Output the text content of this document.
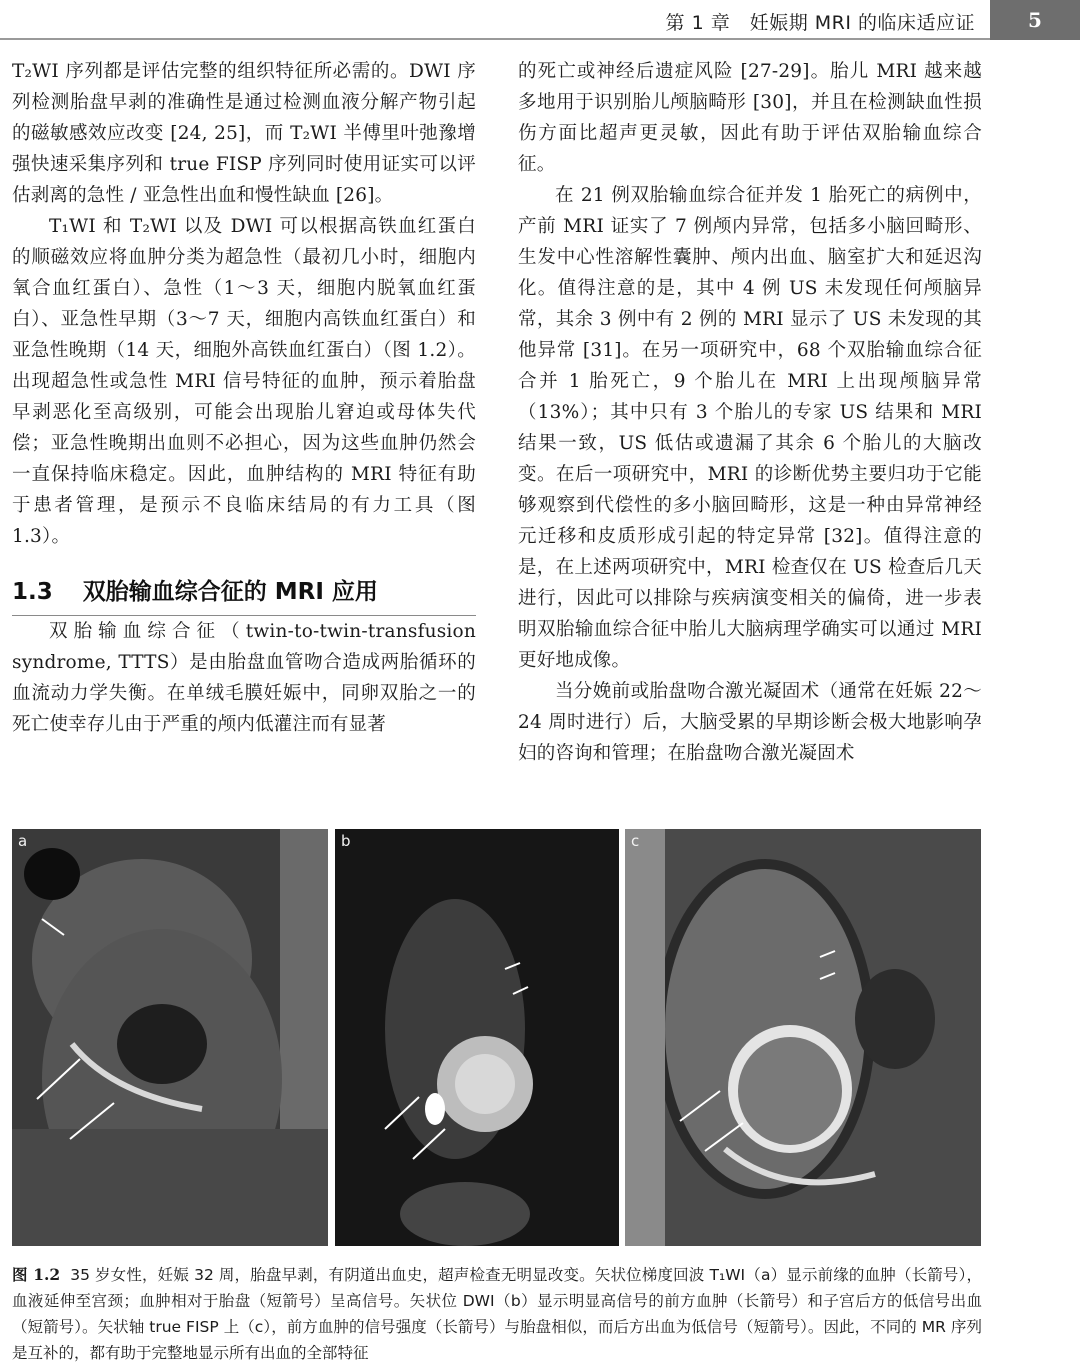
第 1 章　妊娠期 MRI 的临床适应证	5

T₂WI 序列都是评估完整的组织特征所必需的。DWI 序列检测胎盘早剥的准确性是通过检测血液分解产物引起的磁敏感效应改变 [24, 25]，而 T₂WI 半傅里叶弛豫增强快速采集序列和 true FISP 序列同时使用证实可以评估剥离的急性 / 亚急性出血和慢性缺血 [26]。

T₁WI 和 T₂WI 以及 DWI 可以根据高铁血红蛋白的顺磁效应将血肿分类为超急性（最初几小时，细胞内氧合血红蛋白）、急性（1～3 天，细胞内脱氧血红蛋白）、亚急性早期（3～7 天，细胞内高铁血红蛋白）和亚急性晚期（14 天，细胞外高铁血红蛋白）（图 1.2）。出现超急性或急性 MRI 信号特征的血肿，预示着胎盘早剥恶化至高级别，可能会出现胎儿窘迫或母体失代偿；亚急性晚期出血则不必担心，因为这些血肿仍然会一直保持临床稳定。因此，血肿结构的 MRI 特征有助于患者管理，是预示不良临床结局的有力工具（图 1.3）。

1.3 双胎输血综合征的 MRI 应用

双胎输血综合征（twin-to-twin-transfusion syndrome, TTTS）是由胎盘血管吻合造成两胎循环的血流动力学失衡。在单绒毛膜妊娠中，同卵双胎之一的死亡使幸存儿由于严重的颅内低灌注而有显著

的死亡或神经后遗症风险 [27-29]。胎儿 MRI 越来越多地用于识别胎儿颅脑畸形 [30]，并且在检测缺血性损伤方面比超声更灵敏，因此有助于评估双胎输血综合征。

在 21 例双胎输血综合征并发 1 胎死亡的病例中，产前 MRI 证实了 7 例颅内异常，包括多小脑回畸形、生发中心性溶解性囊肿、颅内出血、脑室扩大和延迟沟化。值得注意的是，其中 4 例 US 未发现任何颅脑异常，其余 3 例中有 2 例的 MRI 显示了 US 未发现的其他异常 [31]。在另一项研究中，68 个双胎输血综合征合并 1 胎死亡，9 个胎儿在 MRI 上出现颅脑异常（13%）；其中只有 3 个胎儿的专家 US 结果和 MRI 结果一致，US 低估或遗漏了其余 6 个胎儿的大脑改变。在后一项研究中，MRI 的诊断优势主要归功于它能够观察到代偿性的多小脑回畸形，这是一种由异常神经元迁移和皮质形成引起的特定异常 [32]。值得注意的是，在上述两项研究中，MRI 检查仅在 US 检查后几天进行，因此可以排除与疾病演变相关的偏倚，进一步表明双胎输血综合征中胎儿大脑病理学确实可以通过 MRI 更好地成像。

当分娩前或胎盘吻合激光凝固术（通常在妊娠 22～24 周时进行）后，大脑受累的早期诊断会极大地影响孕妇的咨询和管理；在胎盘吻合激光凝固术

a	b	c
图 1.2 35 岁女性，妊娠 32 周，胎盘早剥，有阴道出血史，超声检查无明显改变。矢状位梯度回波 T₁WI（a）显示前缘的血肿（长箭号），血液延伸至宫颈；血肿相对于胎盘（短箭号）呈高信号。矢状位 DWI（b）显示明显高信号的前方血肿（长箭号）和子宫后方的低信号出血（短箭号）。矢状轴 true FISP 上（c），前方血肿的信号强度（长箭号）与胎盘相似，而后方出血为低信号（短箭号）。因此，不同的 MR 序列是互补的，都有助于完整地显示所有出血的全部特征
